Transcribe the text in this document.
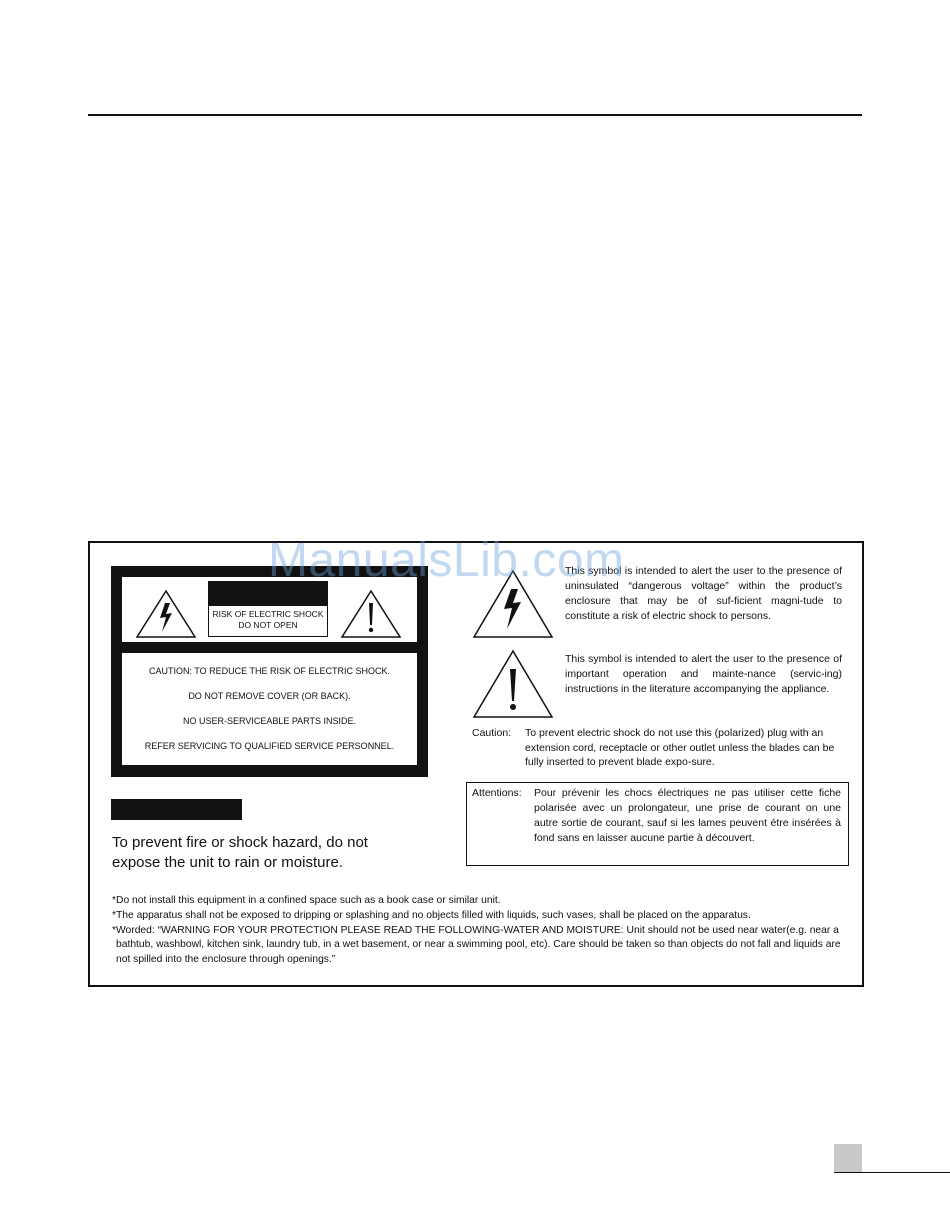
RISK OF ELECTRIC SHOCK
DO NOT OPEN
CAUTION: TO REDUCE THE RISK OF ELECTRIC SHOCK.
DO NOT REMOVE COVER (OR BACK).
NO USER-SERVICEABLE PARTS INSIDE.
REFER SERVICING TO QUALIFIED SERVICE PERSONNEL.
To prevent fire or shock hazard, do not expose the unit to rain or moisture.
This symbol is intended to alert the user to the presence of uninsulated “dangerous voltage” within the product’s enclosure that may be of suf-ficient magni-tude to constitute a risk of electric shock to persons.
This symbol is intended to alert the user to the presence of important operation and mainte-nance (servic-ing) instructions in the literature accompanying the appliance.
Caution: To prevent electric shock do not use this (polarized) plug with an extension cord, receptacle or other outlet unless the blades can be fully inserted to prevent blade expo-sure.
Attentions: Pour prévenir les chocs électriques ne pas utiliser cette fiche polarisée avec un prolongateur, une prise de courant on une autre sortie de courant, sauf si les lames peuvent étre insérées à fond sans en laisser aucune partie à découvert.
*Do not install this equipment in a confined space such as a book case or similar unit.
*The apparatus shall not be exposed to dripping or splashing and no objects filled with liquids, such vases, shall be placed on the apparatus.
*Worded: “WARNING FOR YOUR PROTECTION PLEASE READ THE FOLLOWING-WATER AND MOISTURE: Unit should not be used near water(e.g. near a bathtub, washbowl, kitchen sink, laundry tub, in a wet basement, or near a swimming pool, etc). Care should be taken so than objects do not fall and liquids are not spilled into the enclosure through openings.”
ManualsLib.com
